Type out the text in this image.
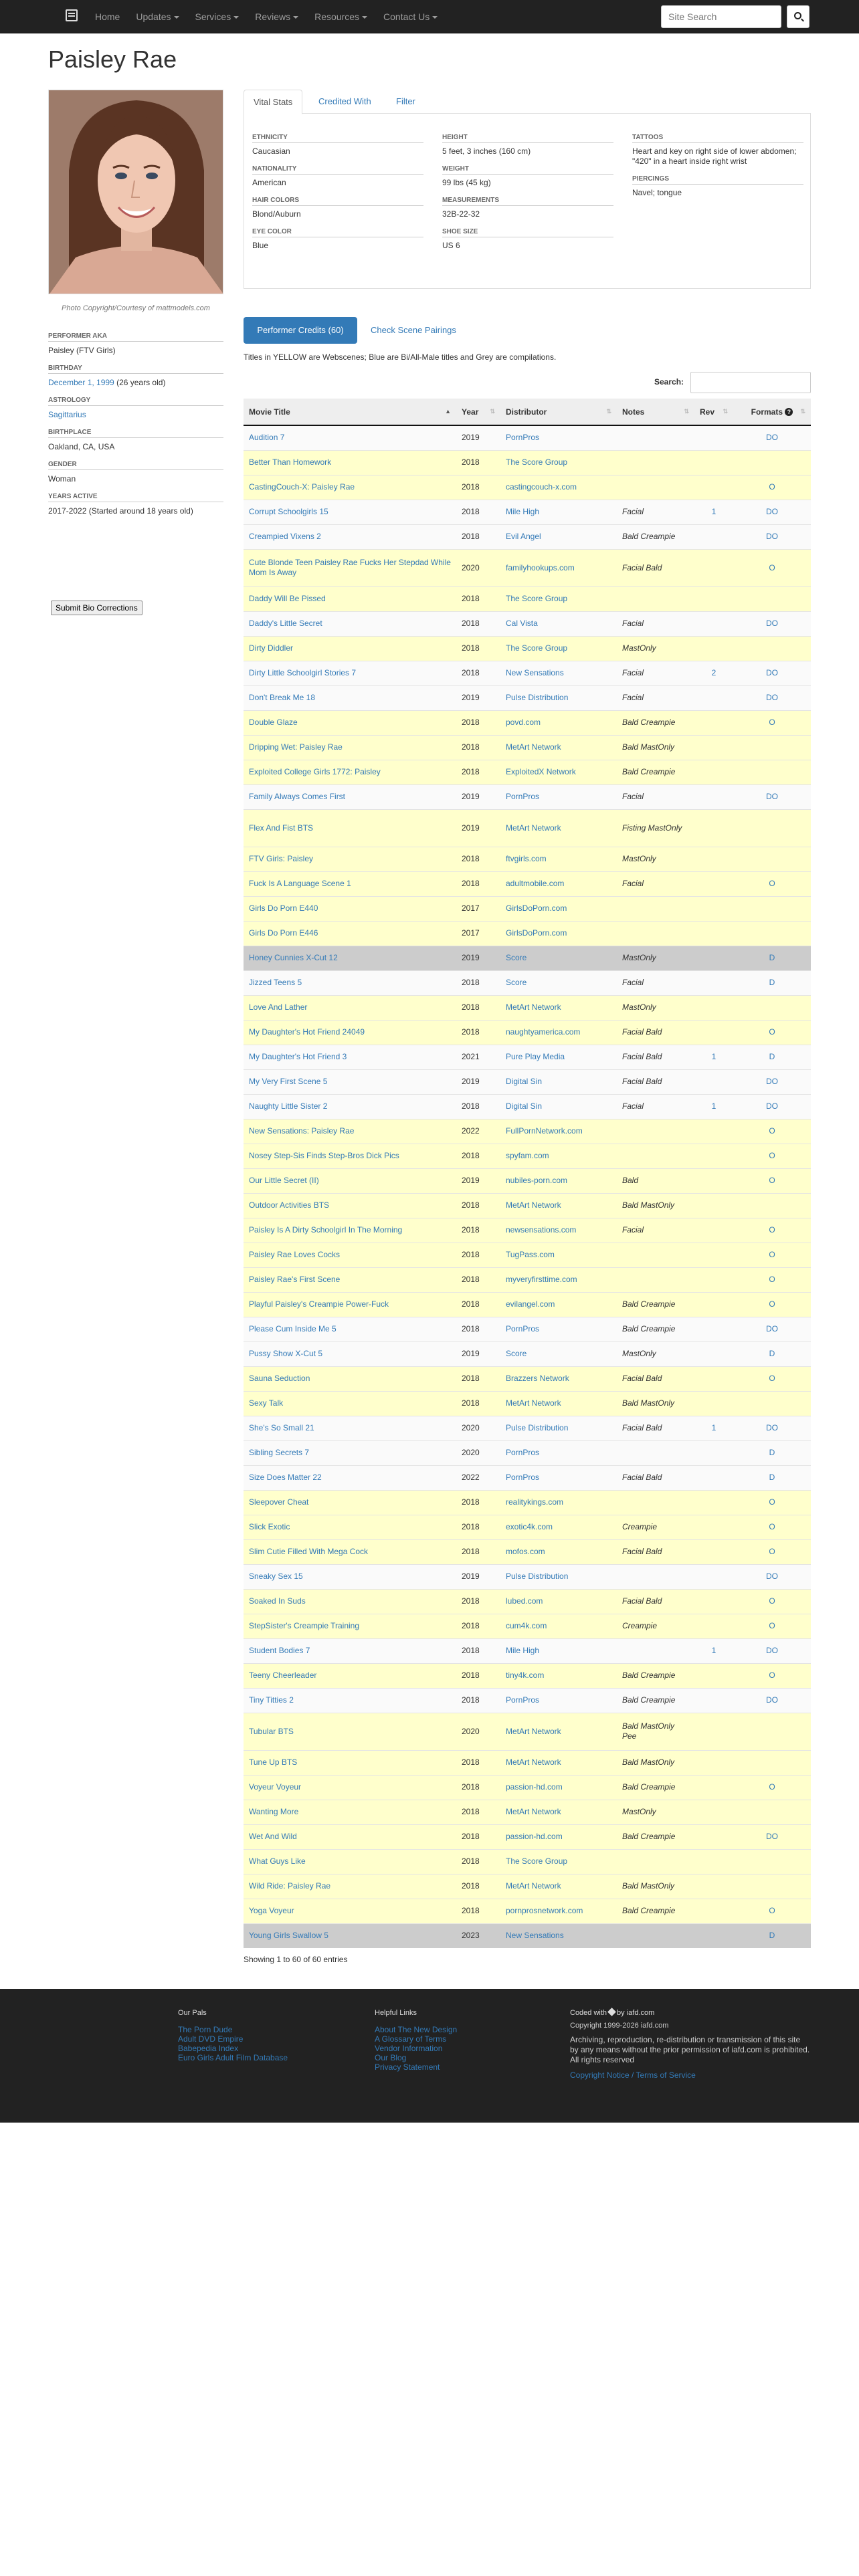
Home	Updates	Services	Reviews	Resources	Contact Us
Site Search
Paisley Rae
Photo Copyright/Courtesy of mattmodels.com
PERFORMER AKA
Paisley (FTV Girls)
BIRTHDAY
December 1, 1999 (26 years old)
ASTROLOGY
Sagittarius
BIRTHPLACE
Oakland, CA, USA
GENDER
Woman
YEARS ACTIVE
2017-2022 (Started around 18 years old)
Submit Bio Corrections
Vital Stats	Credited With	Filter
ETHNICITY
Caucasian
NATIONALITY
American
HAIR COLORS
Blond/Auburn
EYE COLOR
Blue
HEIGHT
5 feet, 3 inches (160 cm)
WEIGHT
99 lbs (45 kg)
MEASUREMENTS
32B-22-32
SHOE SIZE
US 6
TATTOOS
Heart and key on right side of lower abdomen; "420" in a heart inside right wrist
PIERCINGS
Navel; tongue
Performer Credits (60)	Check Scene Pairings
Titles in YELLOW are Webscenes; Blue are Bi/All-Male titles and Grey are compilations.
Search:
Movie Title ▲	Year ⇅	Distributor ⇅	Notes ⇅	Rev ⇅	Formats ? ⇅

Audition 7	2019	PornPros			DO
Better Than Homework	2018	The Score Group			
CastingCouch-X: Paisley Rae	2018	castingcouch-x.com			O
Corrupt Schoolgirls 15	2018	Mile High	Facial	1	DO
Creampied Vixens 2	2018	Evil Angel	Bald Creampie		DO
Cute Blonde Teen Paisley Rae Fucks Her Stepdad While Mom Is Away	2020	familyhookups.com	Facial Bald		O
Daddy Will Be Pissed	2018	The Score Group			
Daddy's Little Secret	2018	Cal Vista	Facial		DO
Dirty Diddler	2018	The Score Group	MastOnly		
Dirty Little Schoolgirl Stories 7	2018	New Sensations	Facial	2	DO
Don't Break Me 18	2019	Pulse Distribution	Facial		DO
Double Glaze	2018	povd.com	Bald Creampie		O
Dripping Wet: Paisley Rae	2018	MetArt Network	Bald MastOnly		
Exploited College Girls 1772: Paisley	2018	ExploitedX Network	Bald Creampie		
Family Always Comes First	2019	PornPros	Facial		DO
Flex And Fist BTS	2019	MetArt Network	Fisting MastOnly		
FTV Girls: Paisley	2018	ftvgirls.com	MastOnly		
Fuck Is A Language Scene 1	2018	adultmobile.com	Facial		O
Girls Do Porn E440	2017	GirlsDoPorn.com			
Girls Do Porn E446	2017	GirlsDoPorn.com			
Honey Cunnies X-Cut 12	2019	Score	MastOnly		D
Jizzed Teens 5	2018	Score	Facial		D
Love And Lather	2018	MetArt Network	MastOnly		
My Daughter's Hot Friend 24049	2018	naughtyamerica.com	Facial Bald		O
My Daughter's Hot Friend 3	2021	Pure Play Media	Facial Bald	1	D
My Very First Scene 5	2019	Digital Sin	Facial Bald		DO
Naughty Little Sister 2	2018	Digital Sin	Facial	1	DO
New Sensations: Paisley Rae	2022	FullPornNetwork.com			O
Nosey Step-Sis Finds Step-Bros Dick Pics	2018	spyfam.com			O
Our Little Secret (II)	2019	nubiles-porn.com	Bald		O
Outdoor Activities BTS	2018	MetArt Network	Bald MastOnly		
Paisley Is A Dirty Schoolgirl In The Morning	2018	newsensations.com	Facial		O
Paisley Rae Loves Cocks	2018	TugPass.com			O
Paisley Rae's First Scene	2018	myveryfirsttime.com			O
Playful Paisley's Creampie Power-Fuck	2018	evilangel.com	Bald Creampie		O
Please Cum Inside Me 5	2018	PornPros	Bald Creampie		DO
Pussy Show X-Cut 5	2019	Score	MastOnly		D
Sauna Seduction	2018	Brazzers Network	Facial Bald		O
Sexy Talk	2018	MetArt Network	Bald MastOnly		
She's So Small 21	2020	Pulse Distribution	Facial Bald	1	DO
Sibling Secrets 7	2020	PornPros			D
Size Does Matter 22	2022	PornPros	Facial Bald		D
Sleepover Cheat	2018	realitykings.com			O
Slick Exotic	2018	exotic4k.com	Creampie		O
Slim Cutie Filled With Mega Cock	2018	mofos.com	Facial Bald		O
Sneaky Sex 15	2019	Pulse Distribution			DO
Soaked In Suds	2018	lubed.com	Facial Bald		O
StepSister's Creampie Training	2018	cum4k.com	Creampie		O
Student Bodies 7	2018	Mile High		1	DO
Teeny Cheerleader	2018	tiny4k.com	Bald Creampie		O
Tiny Titties 2	2018	PornPros	Bald Creampie		DO
Tubular BTS	2020	MetArt Network	Bald MastOnly Pee		
Tune Up BTS	2018	MetArt Network	Bald MastOnly		
Voyeur Voyeur	2018	passion-hd.com	Bald Creampie		O
Wanting More	2018	MetArt Network	MastOnly		
Wet And Wild	2018	passion-hd.com	Bald Creampie		DO
What Guys Like	2018	The Score Group			
Wild Ride: Paisley Rae	2018	MetArt Network	Bald MastOnly		
Yoga Voyeur	2018	pornprosnetwork.com	Bald Creampie		O
Young Girls Swallow 5	2023	New Sensations			D
Showing 1 to 60 of 60 entries
Our Pals
The Porn Dude
Adult DVD Empire
Babepedia Index
Euro Girls Adult Film Database
Helpful Links
About The New Design
A Glossary of Terms
Vendor Information
Our Blog
Privacy Statement
Coded with by iafd.com

Copyright 1999-2026 iafd.com

Archiving, reproduction, re-distribution or transmission of this site by any means without the prior permission of iafd.com is prohibited. All rights reserved

Copyright Notice / Terms of Service
